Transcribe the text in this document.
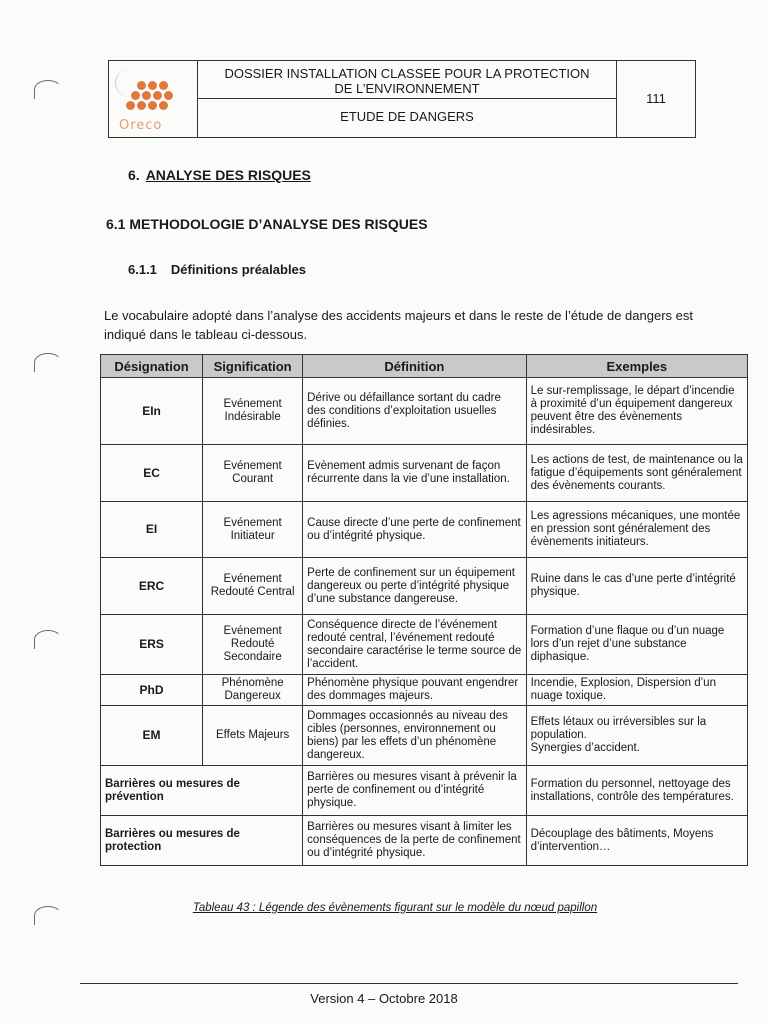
Oreco
DOSSIER INSTALLATION CLASSEE POUR LA PROTECTION
DE L’ENVIRONNEMENT
ETUDE DE DANGERS
111
6. ANALYSE DES RISQUES
6.1 METHODOLOGIE D’ANALYSE DES RISQUES
6.1.1 Définitions préalables
Le vocabulaire adopté dans l’analyse des accidents majeurs et dans le reste de l’étude de dangers est indiqué dans le tableau ci-dessous.
Désignation	Signification	Définition	Exemples
EIn	Evénement Indésirable	Dérive ou défaillance sortant du cadre des conditions d’exploitation usuelles définies.	Le sur-remplissage, le départ d’incendie à proximité d’un équipement dangereux peuvent être des évènements indésirables.
EC	Evénement Courant	Evènement admis survenant de façon récurrente dans la vie d’une installation.	Les actions de test, de maintenance ou la fatigue d’équipements sont généralement des évènements courants.
EI	Evénement Initiateur	Cause directe d’une perte de confinement ou d’intégrité physique.	Les agressions mécaniques, une montée en pression sont généralement des évènements initiateurs.
ERC	Evénement Redouté Central	Perte de confinement sur un équipement dangereux ou perte d’intégrité physique d’une substance dangereuse.	Ruine dans le cas d’une perte d’intégrité physique.
ERS	Evénement Redouté Secondaire	Conséquence directe de l’événement redouté central, l’événement redouté secondaire caractérise le terme source de l’accident.	Formation d’une flaque ou d’un nuage lors d’un rejet d’une substance diphasique.
PhD	Phénomène Dangereux	Phénomène physique pouvant engendrer des dommages majeurs.	Incendie, Explosion, Dispersion d’un nuage toxique.
EM	Effets Majeurs	Dommages occasionnés au niveau des cibles (personnes, environnement ou biens) par les effets d’un phénomène dangereux.	Effets létaux ou irréversibles sur la population.
Synergies d’accident.
Barrières ou mesures de prévention		Barrières ou mesures visant à prévenir la perte de confinement ou d’intégrité physique.	Formation du personnel, nettoyage des installations, contrôle des températures.
Barrières ou mesures de protection		Barrières ou mesures visant à limiter les conséquences de la perte de confinement ou d’intégrité physique.	Découplage des bâtiments, Moyens d’intervention…
Tableau 43 : Légende des évènements figurant sur le modèle du nœud papillon
Version 4 – Octobre 2018
